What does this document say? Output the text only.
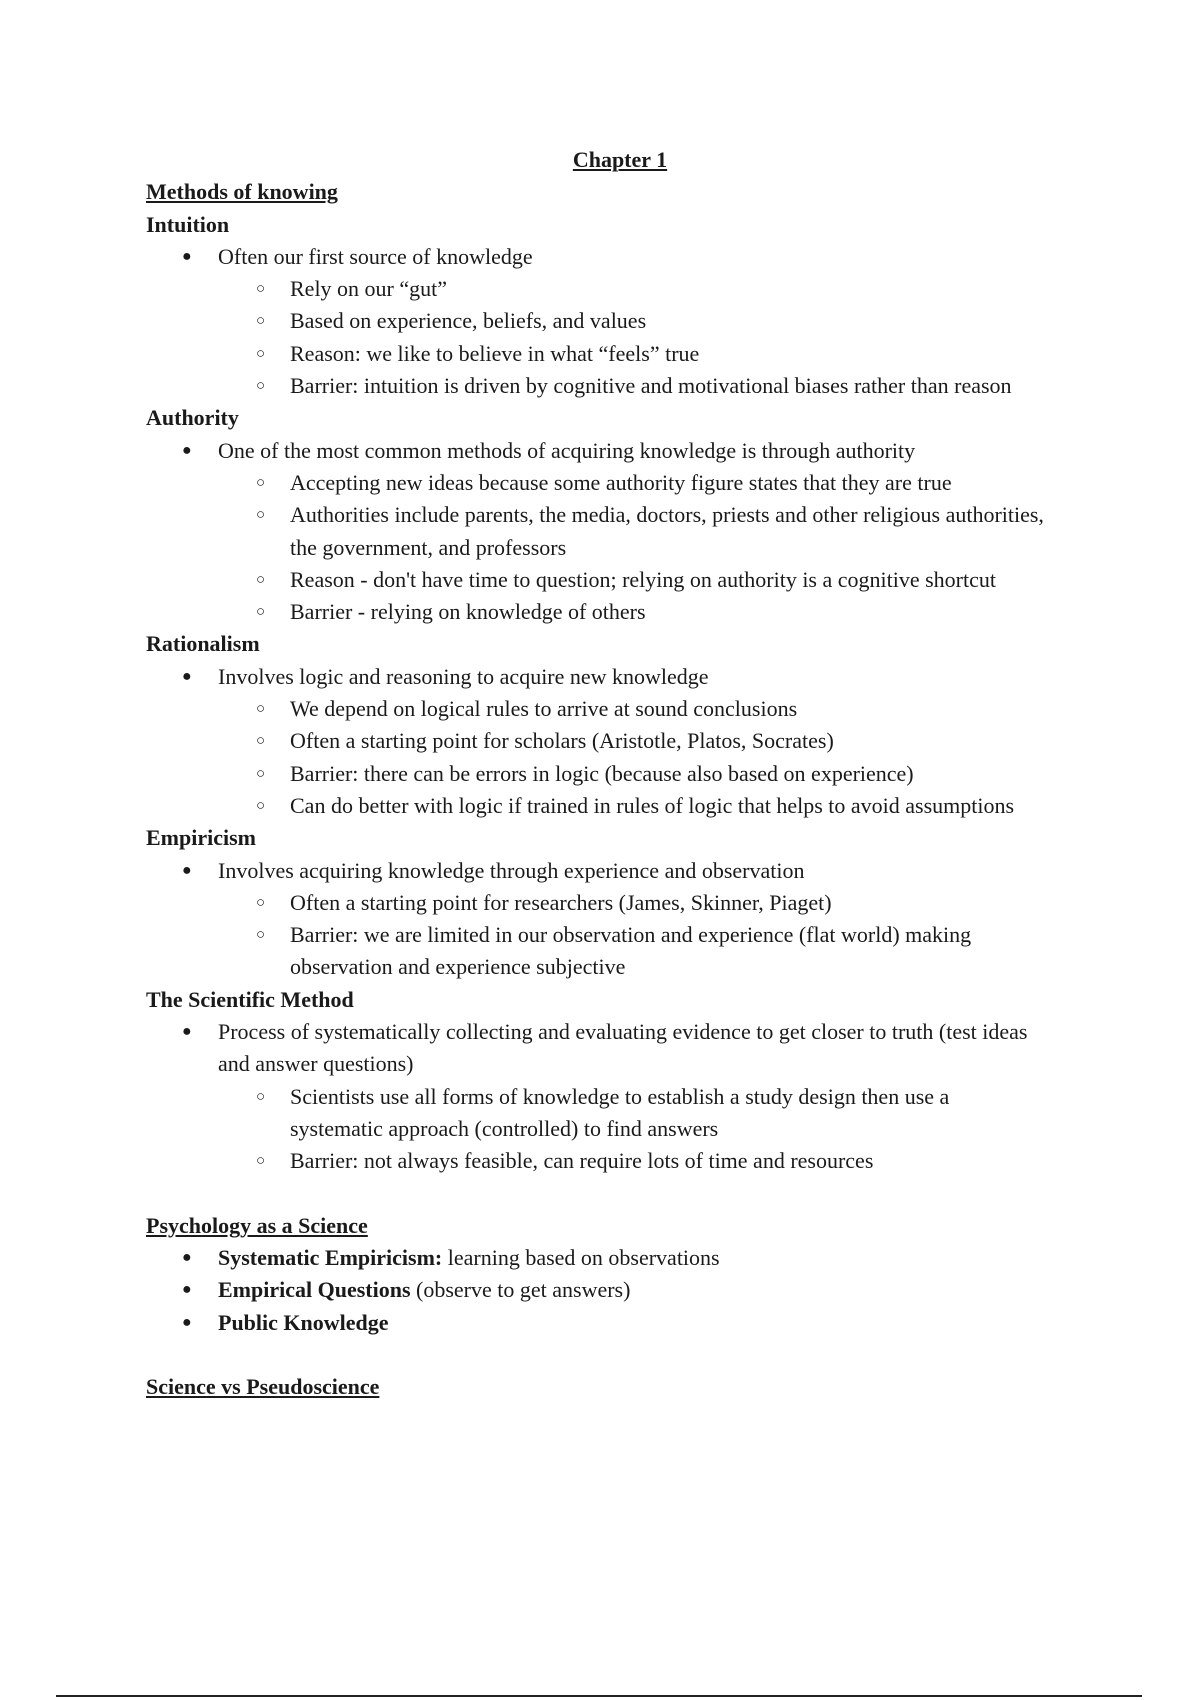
Chapter 1
Methods of knowing
Intuition
● Often our first source of knowledge
○ Rely on our “gut”
○ Based on experience, beliefs, and values
○ Reason: we like to believe in what “feels” true
○ Barrier: intuition is driven by cognitive and motivational biases rather than reason
Authority
● One of the most common methods of acquiring knowledge is through authority
○ Accepting new ideas because some authority figure states that they are true
○ Authorities include parents, the media, doctors, priests and other religious authorities, the government, and professors
○ Reason - don't have time to question; relying on authority is a cognitive shortcut
○ Barrier - relying on knowledge of others
Rationalism
● Involves logic and reasoning to acquire new knowledge
○ We depend on logical rules to arrive at sound conclusions
○ Often a starting point for scholars (Aristotle, Platos, Socrates)
○ Barrier: there can be errors in logic (because also based on experience)
○ Can do better with logic if trained in rules of logic that helps to avoid assumptions
Empiricism
● Involves acquiring knowledge through experience and observation
○ Often a starting point for researchers (James, Skinner, Piaget)
○ Barrier: we are limited in our observation and experience (flat world) making observation and experience subjective
The Scientific Method
● Process of systematically collecting and evaluating evidence to get closer to truth (test ideas and answer questions)
○ Scientists use all forms of knowledge to establish a study design then use a systematic approach (controlled) to find answers
○ Barrier: not always feasible, can require lots of time and resources
Psychology as a Science
● Systematic Empiricism: learning based on observations
● Empirical Questions (observe to get answers)
● Public Knowledge
Science vs Pseudoscience
